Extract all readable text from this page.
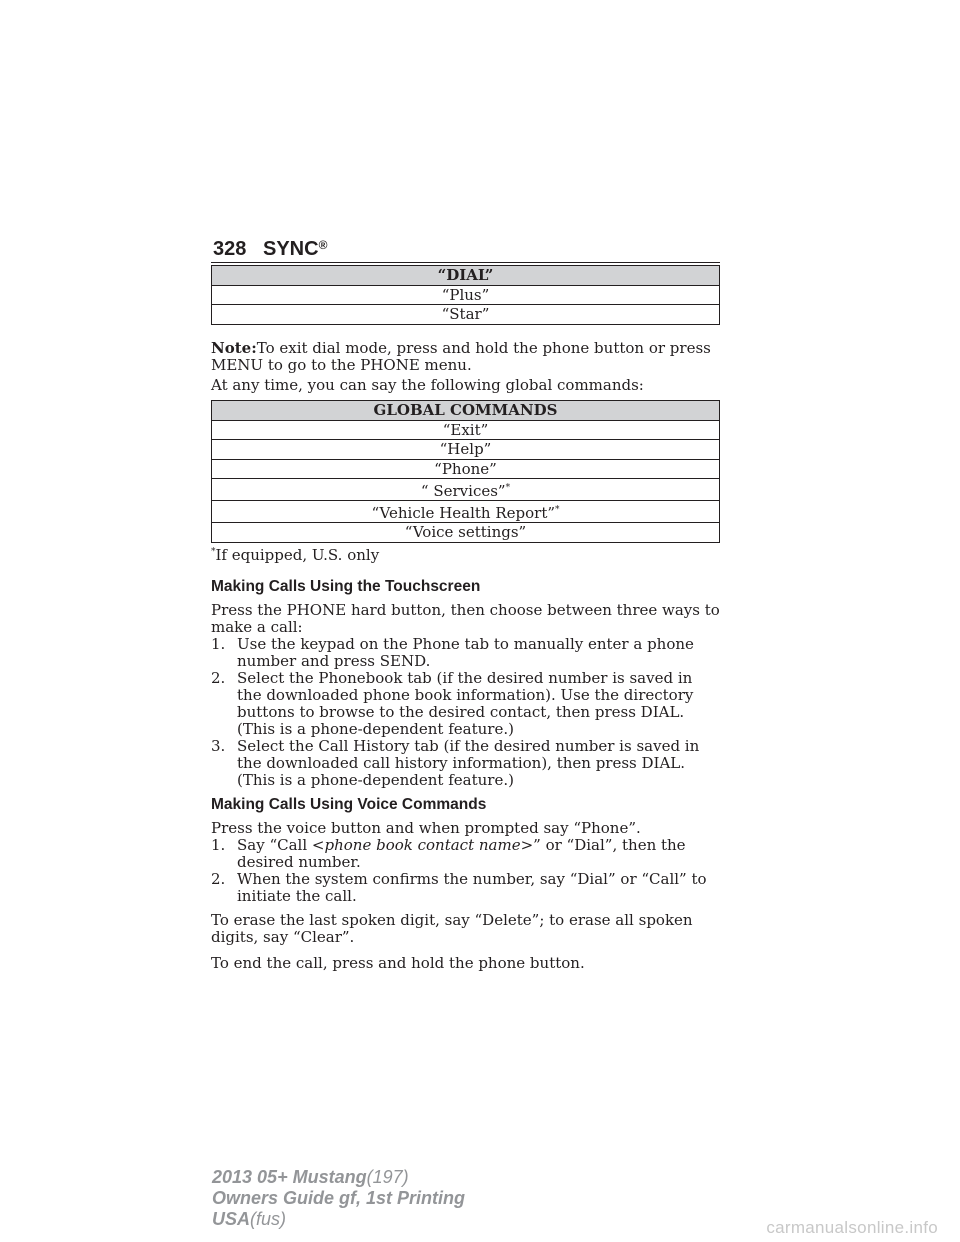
328 SYNC®
“DIAL”
“Plus”
“Star”

Note:To exit dial mode, press and hold the phone button or press MENU to go to the PHONE menu.

At any time, you can say the following global commands:

GLOBAL COMMANDS
“Exit”
“Help”
“Phone”
“ Services”*
“Vehicle Health Report”*
“Voice settings”
*If equipped, U.S. only
Making Calls Using the Touchscreen

Press the PHONE hard button, then choose between three ways to make a call:

1. Use the keypad on the Phone tab to manually enter a phone number and press SEND.
2. Select the Phonebook tab (if the desired number is saved in the downloaded phone book information). Use the directory buttons to browse to the desired contact, then press DIAL. (This is a phone-dependent feature.)
3. Select the Call History tab (if the desired number is saved in the downloaded call history information), then press DIAL. (This is a phone-dependent feature.)
Making Calls Using Voice Commands

Press the voice button and when prompted say “Phone”.

1. Say “Call <phone book contact name>” or “Dial”, then the desired number.
2. When the system confirms the number, say “Dial” or “Call” to initiate the call.

To erase the last spoken digit, say “Delete”; to erase all spoken digits, say “Clear”.

To end the call, press and hold the phone button.

2013 05+ Mustang(197)
Owners Guide gf, 1st Printing
USA(fus)	carmanualsonline.info
